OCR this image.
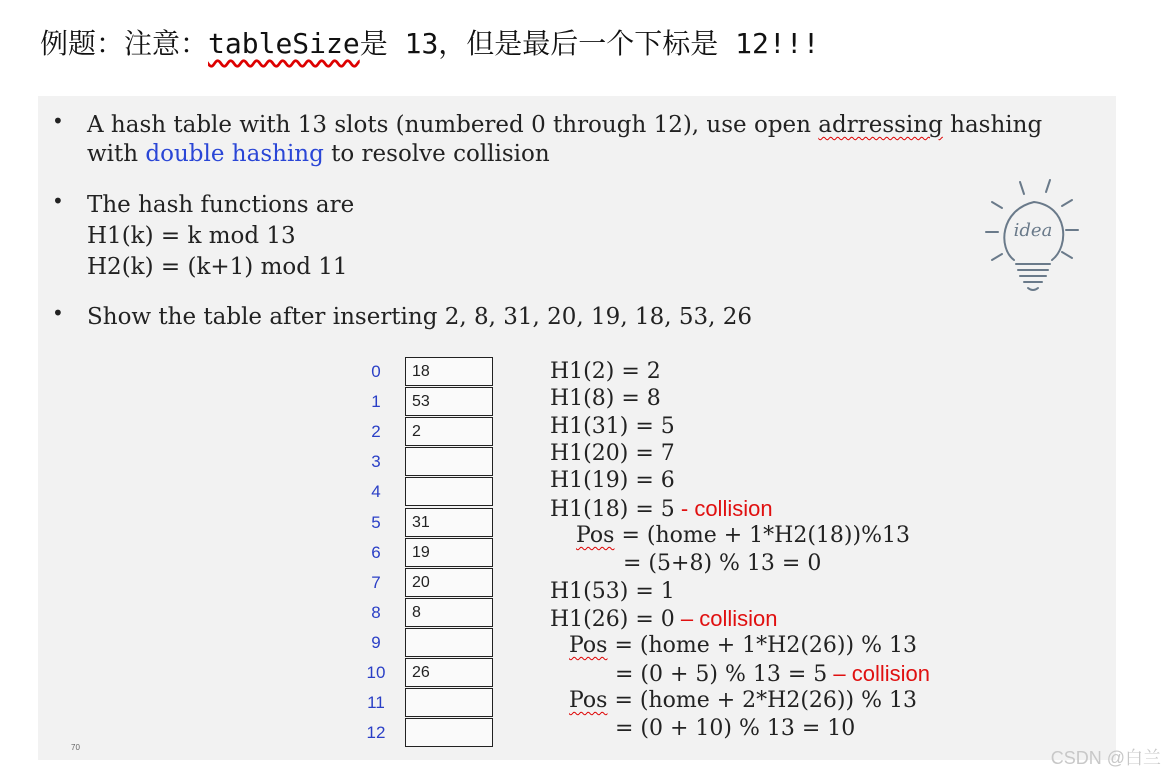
例题：注意：tableSize是 13，但是最后一个下标是 12!!!
• A hash table with 13 slots (numbered 0 through 12), use open adrressing hashing
with double hashing to resolve collision
• The hash functions are
H1(k) = k mod 13
H2(k) = (k+1) mod 11
• Show the table after inserting 2, 8, 31, 20, 19, 18, 53, 26
idea
0	18
1	53
2	2
3
4
5	31
6	19
7	20
8	8
9
10	26
11
12
H1(2) = 2
H1(8) = 8
H1(31) = 5
H1(20) = 7
H1(19) = 6
H1(18) = 5 - collision
Pos = (home + 1*H2(18))%13
= (5+8) % 13 = 0
H1(53) = 1
H1(26) = 0 – collision
Pos = (home + 1*H2(26)) % 13
= (0 + 5) % 13 = 5 – collision
Pos = (home + 2*H2(26)) % 13
= (0 + 10) % 13 = 10
70
CSDN @白兰
